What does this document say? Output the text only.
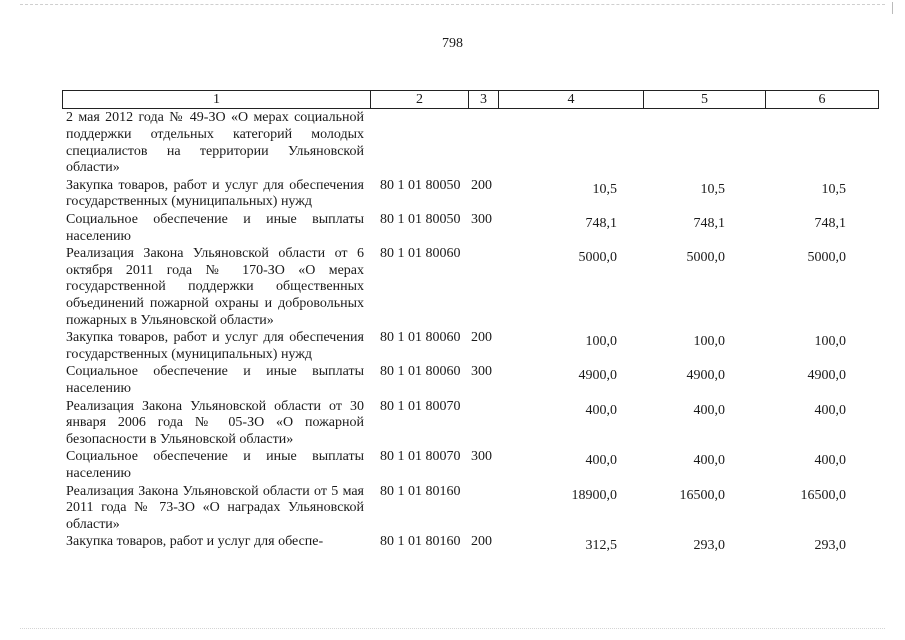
798
1	2	3	4	5	6
2 мая 2012 года № 49-ЗО «О мерах социальной поддержки отдельных категорий молодых специалистов на территории Ульяновской области»					
Закупка товаров, работ и услуг для обеспечения государственных (муниципальных) нужд	80 1 01 80050	200	10,5	10,5	10,5
Социальное обеспечение и иные выплаты населению	80 1 01 80050	300	748,1	748,1	748,1
Реализация Закона Ульяновской области от 6 октября 2011 года № 170-ЗО «О мерах государственной поддержки общественных объединений пожарной охраны и добровольных пожарных в Ульяновской области»	80 1 01 80060		5000,0	5000,0	5000,0
Закупка товаров, работ и услуг для обеспечения государственных (муниципальных) нужд	80 1 01 80060	200	100,0	100,0	100,0
Социальное обеспечение и иные выплаты населению	80 1 01 80060	300	4900,0	4900,0	4900,0
Реализация Закона Ульяновской области от 30 января 2006 года № 05-ЗО «О пожарной безопасности в Ульяновской области»	80 1 01 80070		400,0	400,0	400,0
Социальное обеспечение и иные выплаты населению	80 1 01 80070	300	400,0	400,0	400,0
Реализация Закона Ульяновской области от 5 мая 2011 года № 73-ЗО «О наградах Ульяновской области»	80 1 01 80160		18900,0	16500,0	16500,0
Закупка товаров, работ и услуг для обеспе-	80 1 01 80160	200	312,5	293,0	293,0
